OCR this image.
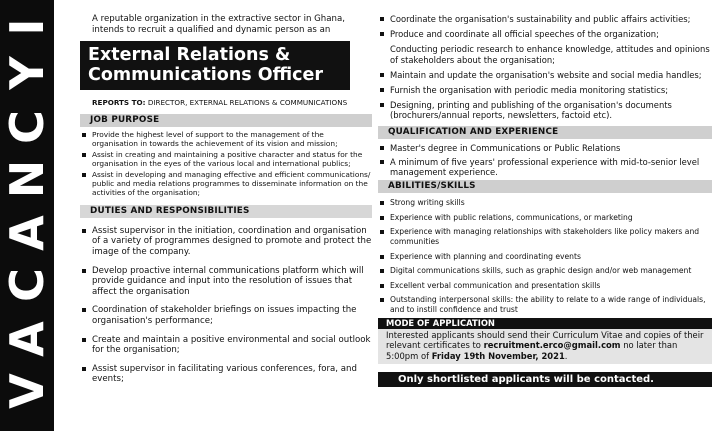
V
A
C
A
N
C
Y
I	A reputable organization in the extractive sector in Ghana, intends to recruit a qualified and dynamic person as an

External Relations &
Communications Officer

REPORTS TO: DIRECTOR, EXTERNAL RELATIONS & COMMUNICATIONS

JOB PURPOSE
Provide the highest level of support to the management of the organisation in towards the achievement of its vision and mission;
Assist in creating and maintaining a positive character and status for the organisation in the eyes of the various local and international publics;
Assist in developing and managing effective and efficient communications/ public and media relations programmes to disseminate information on the activities of the organisation;
DUTIES AND RESPONSIBILITIES
Assist supervisor in the initiation, coordination and organisation of a variety of programmes designed to promote and protect the image of the company.
Develop proactive internal communications platform which will provide guidance and input into the resolution of issues that affect the organisation
Coordination of stakeholder briefings on issues impacting the organisation's performance;
Create and maintain a positive environmental and social outlook for the organisation;
Assist supervisor in facilitating various conferences, fora, and events;
Coordinate the organisation's sustainability and public affairs activities;
Produce and coordinate all official speeches of the organization;

Conducting periodic research to enhance knowledge, attitudes and opinions of stakeholders about the organisation;

Maintain and update the organisation's website and social media handles;
Furnish the organisation with periodic media monitoring statistics;
Designing, printing and publishing of the organisation's documents (brochurers/annual reports, newsletters, factoid etc).
QUALIFICATION AND EXPERIENCE
Master's degree in Communications or Public Relations
A minimum of five years' professional experience with mid-to-senior level management experience.
ABILITIES/SKILLS
Strong writing skills
Experience with public relations, communications, or marketing
Experience with managing relationships with stakeholders like policy makers and communities
Experience with planning and coordinating events
Digital communications skills, such as graphic design and/or web management
Excellent verbal communication and presentation skills
Outstanding interpersonal skills: the ability to relate to a wide range of individuals, and to instill confidence and trust
MODE OF APPLICATION

Interested applicants should send their Curriculum Vitae and copies of their relevant certificates to recruitment.erco@gmail.com no later than 5:00pm of Friday 19th November, 2021.

Only shortlisted applicants will be contacted.
